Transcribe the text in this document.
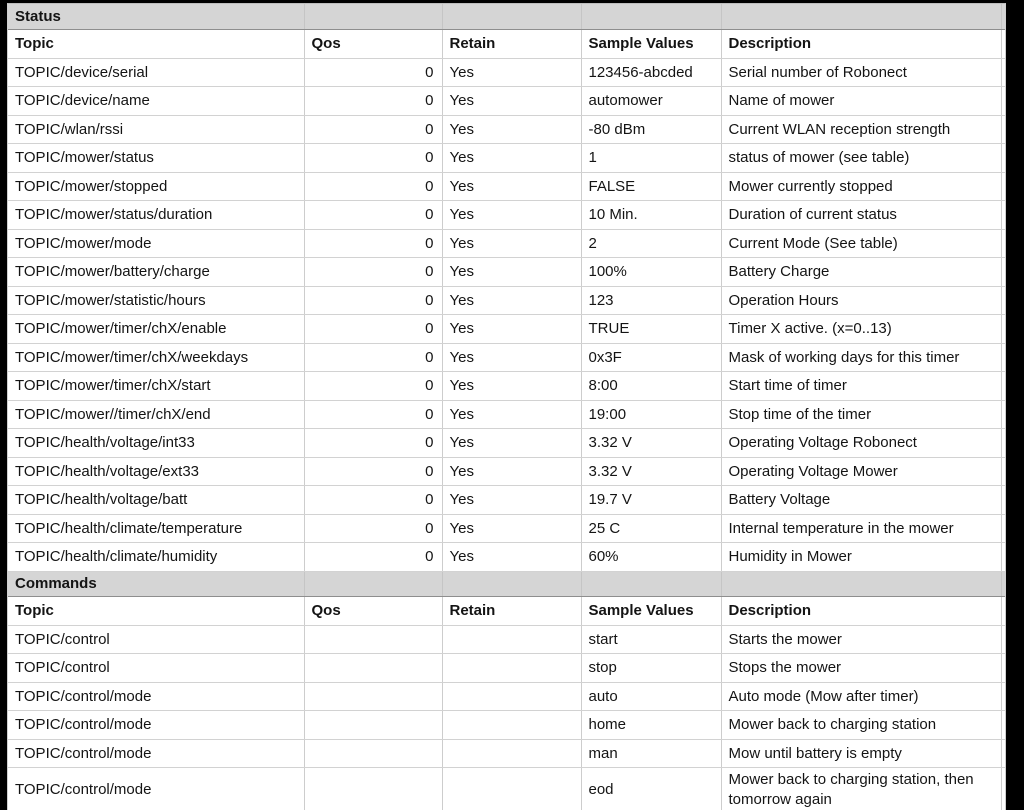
Status					
Topic	Qos	Retain	Sample Values	Description	
TOPIC/device/serial	0	Yes	123456-abcded	Serial number of Robonect	
TOPIC/device/name	0	Yes	automower	Name of mower	
TOPIC/wlan/rssi	0	Yes	-80 dBm	Current WLAN reception strength	
TOPIC/mower/status	0	Yes	1	status of mower (see table)	
TOPIC/mower/stopped	0	Yes	FALSE	Mower currently stopped	
TOPIC/mower/status/duration	0	Yes	10 Min.	Duration of current status	
TOPIC/mower/mode	0	Yes	2	Current Mode (See table)	
TOPIC/mower/battery/charge	0	Yes	100%	Battery Charge	
TOPIC/mower/statistic/hours	0	Yes	123	Operation Hours	
TOPIC/mower/timer/chX/enable	0	Yes	TRUE	Timer X active. (x=0..13)	
TOPIC/mower/timer/chX/weekdays	0	Yes	0x3F	Mask of working days for this timer	
TOPIC/mower/timer/chX/start	0	Yes	8:00	Start time of timer	
TOPIC/mower//timer/chX/end	0	Yes	19:00	Stop time of the timer	
TOPIC/health/voltage/int33	0	Yes	3.32 V	Operating Voltage Robonect	
TOPIC/health/voltage/ext33	0	Yes	3.32 V	Operating Voltage Mower	
TOPIC/health/voltage/batt	0	Yes	19.7 V	Battery Voltage	
TOPIC/health/climate/temperature	0	Yes	25 C	Internal temperature in the mower	
TOPIC/health/climate/humidity	0	Yes	60%	Humidity in Mower	
Commands					
Topic	Qos	Retain	Sample Values	Description	
TOPIC/control			start	Starts the mower	
TOPIC/control			stop	Stops the mower	
TOPIC/control/mode			auto	Auto mode (Mow after timer)	
TOPIC/control/mode			home	Mower back to charging station	
TOPIC/control/mode			man	Mow until battery is empty	
TOPIC/control/mode			eod	Mower back to charging station, then tomorrow again	
